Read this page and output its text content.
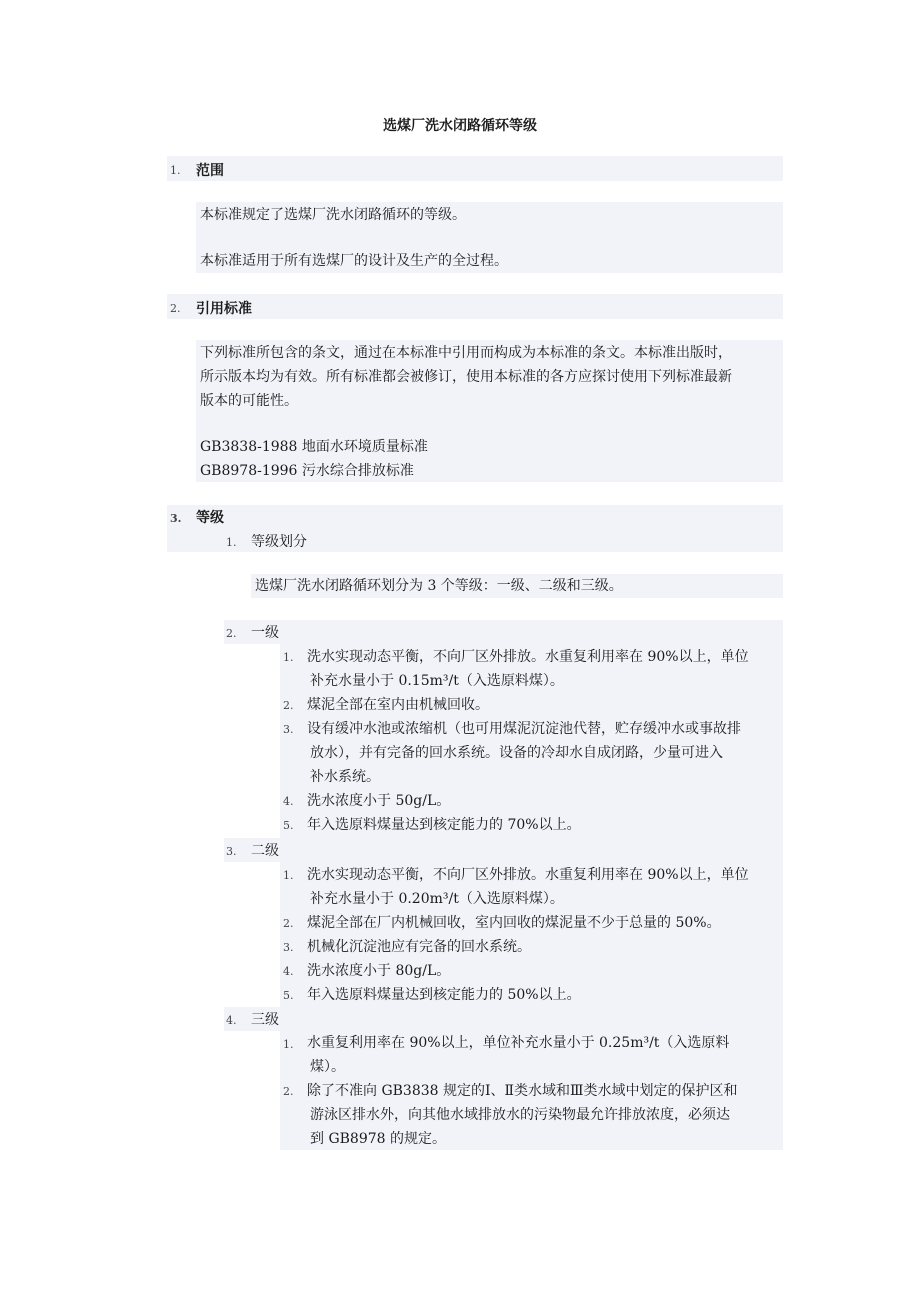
选煤厂洗水闭路循环等级
1. 范围
本标准规定了选煤厂洗水闭路循环的等级。
本标准适用于所有选煤厂的设计及生产的全过程。
2. 引用标准
下列标准所包含的条文，通过在本标准中引用而构成为本标准的条文。本标准出版时，
所示版本均为有效。所有标准都会被修订，使用本标准的各方应探讨使用下列标准最新
版本的可能性。
GB3838-1988 地面水环境质量标准
GB8978-1996 污水综合排放标准
3. 等级
1. 等级划分
选煤厂洗水闭路循环划分为 3 个等级：一级、二级和三级。
2. 一级
1. 洗水实现动态平衡，不向厂区外排放。水重复利用率在 90%以上，单位
补充水量小于 0.15m³/t（入选原料煤）。
2. 煤泥全部在室内由机械回收。
3. 设有缓冲水池或浓缩机（也可用煤泥沉淀池代替，贮存缓冲水或事故排
放水），并有完备的回水系统。设备的冷却水自成闭路，少量可进入
补水系统。
4. 洗水浓度小于 50g/L。
5. 年入选原料煤量达到核定能力的 70%以上。
3. 二级
1. 洗水实现动态平衡，不向厂区外排放。水重复利用率在 90%以上，单位
补充水量小于 0.20m³/t（入选原料煤）。
2. 煤泥全部在厂内机械回收，室内回收的煤泥量不少于总量的 50%。
3. 机械化沉淀池应有完备的回水系统。
4. 洗水浓度小于 80g/L。
5. 年入选原料煤量达到核定能力的 50%以上。
4. 三级
1. 水重复利用率在 90%以上，单位补充水量小于 0.25m³/t（入选原料
煤）。
2. 除了不准向 GB3838 规定的Ⅰ、Ⅱ类水域和Ⅲ类水域中划定的保护区和
游泳区排水外，向其他水域排放水的污染物最允许排放浓度，必须达
到 GB8978 的规定。
